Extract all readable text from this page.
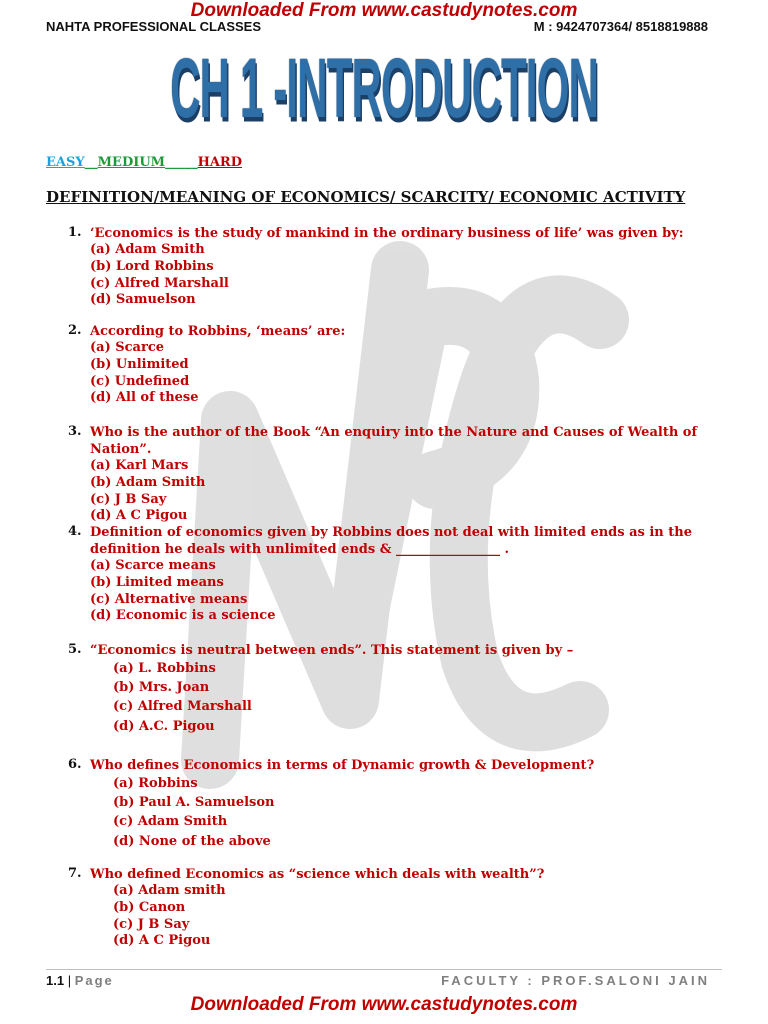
Downloaded From www.castudynotes.com
NAHTA PROFESSIONAL CLASSES	M : 9424707364/ 8518819888
CH 1 -INTRODUCTION
EASY__MEDIUM_____HARD
DEFINITION/MEANING OF ECONOMICS/ SCARCITY/ ECONOMIC ACTIVITY
1. ‘Economics is the study of mankind in the ordinary business of life’ was given by:
(a) Adam Smith
(b) Lord Robbins
(c) Alfred Marshall
(d) Samuelson
2. According to Robbins, ‘means’ are:
(a) Scarce
(b) Unlimited
(c) Undefined
(d) All of these
3. Who is the author of the Book “An enquiry into the Nature and Causes of Wealth of Nation”.
(a) Karl Mars
(b) Adam Smith
(c) J B Say
(d) A C Pigou
4. Definition of economics given by Robbins does not deal with limited ends as in the definition he deals with unlimited ends & ________________ .
(a) Scarce means
(b) Limited means
(c) Alternative means
(d) Economic is a science
5. “Economics is neutral between ends”. This statement is given by –
(a) L. Robbins
(b) Mrs. Joan
(c) Alfred Marshall
(d) A.C. Pigou
6. Who defines Economics in terms of Dynamic growth & Development?
(a) Robbins
(b) Paul A. Samuelson
(c) Adam Smith
(d) None of the above
7. Who defined Economics as “science which deals with wealth”?
(a) Adam smith
(b) Canon
(c) J B Say
(d) A C Pigou
1.1 | Page	FACULTY : PROF.SALONI JAIN
Downloaded From www.castudynotes.com
